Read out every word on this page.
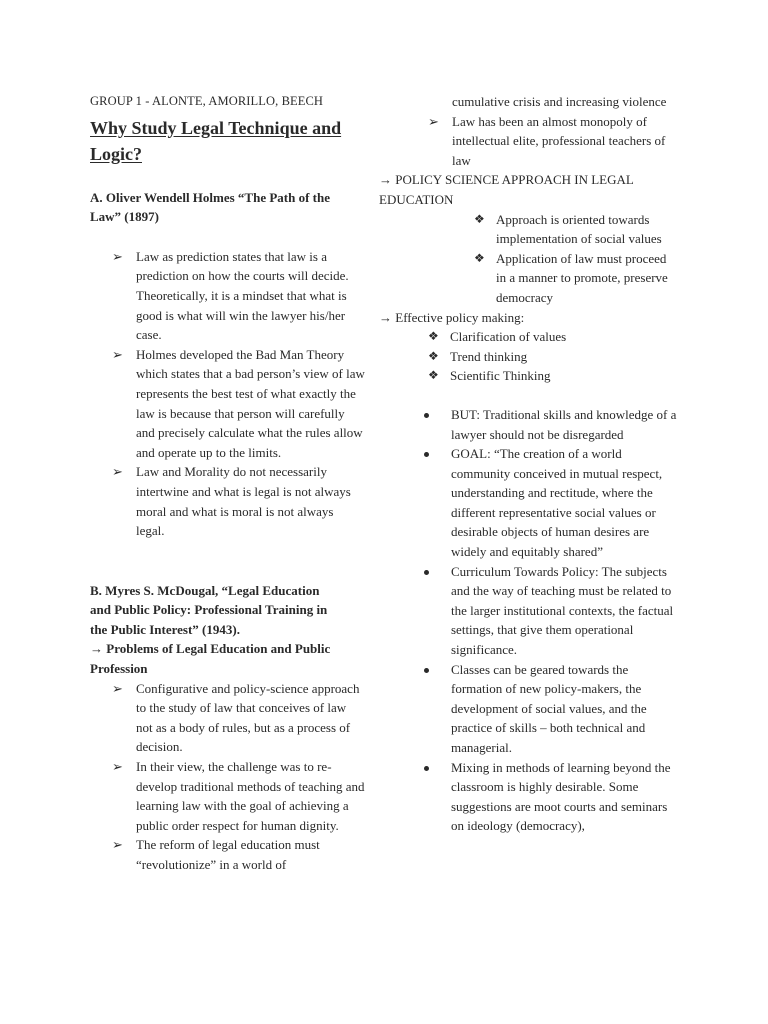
GROUP 1 - ALONTE, AMORILLO, BEECH

Why Study Legal Technique and
Logic?

A. Oliver Wendell Holmes “The Path of the

Law” (1897)

➢ Law as prediction states that law is a prediction on how the courts will decide. Theoretically, it is a mindset that what is good is what will win the lawyer his/her case.
➢ Holmes developed the Bad Man Theory which states that a bad person’s view of law represents the best test of what exactly the law is because that person will carefully and precisely calculate what the rules allow and operate up to the limits.
➢ Law and Morality do not necessarily intertwine and what is legal is not always moral and what is moral is not always legal.

B. Myres S. McDougal, “Legal Education

and Public Policy: Professional Training in

the Public Interest” (1943).

→ Problems of Legal Education and Public

Profession

➢ Configurative and policy-science approach to the study of law that conceives of law not as a body of rules, but as a process of decision.
➢ In their view, the challenge was to re-develop traditional methods of teaching and learning law with the goal of achieving a public order respect for human dignity.
➢ The reform of legal education must “revolutionize” in a world of

cumulative crisis and increasing violence

➢ Law has been an almost monopoly of intellectual elite, professional teachers of law

→ POLICY SCIENCE APPROACH IN LEGAL

EDUCATION

❖ Approach is oriented towards implementation of social values
❖ Application of law must proceed in a manner to promote, preserve democracy

→ Effective policy making:

❖ Clarification of values
❖ Trend thinking
❖ Scientific Thinking
BUT: Traditional skills and knowledge of a lawyer should not be disregarded
GOAL: “The creation of a world community conceived in mutual respect, understanding and rectitude, where the different representative social values or desirable objects of human desires are widely and equitably shared”
Curriculum Towards Policy: The subjects and the way of teaching must be related to the larger institutional contexts, the factual settings, that give them operational significance.
Classes can be geared towards the formation of new policy-makers, the development of social values, and the practice of skills – both technical and managerial.
Mixing in methods of learning beyond the classroom is highly desirable. Some suggestions are moot courts and seminars on ideology (democracy),
